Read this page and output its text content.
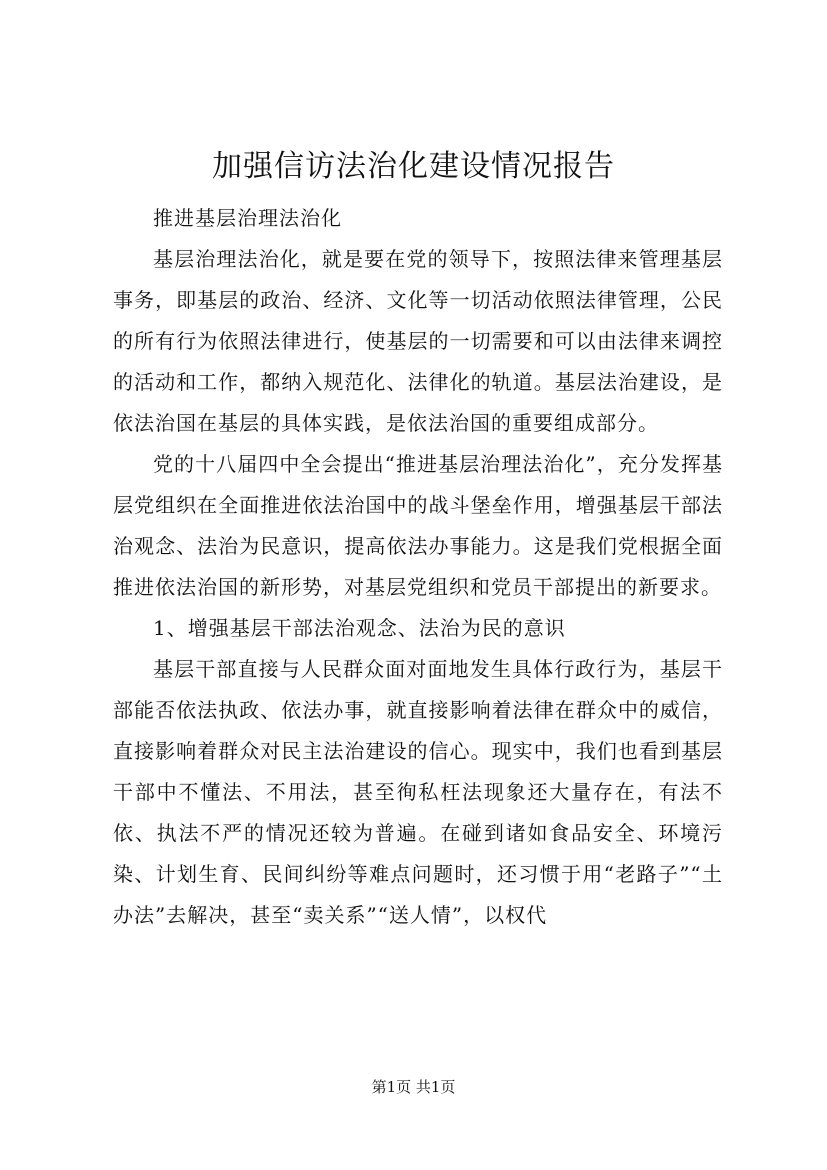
加强信访法治化建设情况报告

推进基层治理法治化

基层治理法治化，就是要在党的领导下，按照法律来管理基层事务，即基层的政治、经济、文化等一切活动依照法律管理，公民的所有行为依照法律进行，使基层的一切需要和可以由法律来调控的活动和工作，都纳入规范化、法律化的轨道。基层法治建设，是依法治国在基层的具体实践，是依法治国的重要组成部分。

党的十八届四中全会提出“推进基层治理法治化”，充分发挥基层党组织在全面推进依法治国中的战斗堡垒作用，增强基层干部法治观念、法治为民意识，提高依法办事能力。这是我们党根据全面推进依法治国的新形势，对基层党组织和党员干部提出的新要求。

1、增强基层干部法治观念、法治为民的意识

基层干部直接与人民群众面对面地发生具体行政行为，基层干部能否依法执政、依法办事，就直接影响着法律在群众中的威信，直接影响着群众对民主法治建设的信心。现实中，我们也看到基层干部中不懂法、不用法，甚至徇私枉法现象还大量存在，有法不依、执法不严的情况还较为普遍。在碰到诸如食品安全、环境污染、计划生育、民间纠纷等难点问题时，还习惯于用“老路子”“土办法”去解决，甚至“卖关系”“送人情”，以权代

第1页 共1页
